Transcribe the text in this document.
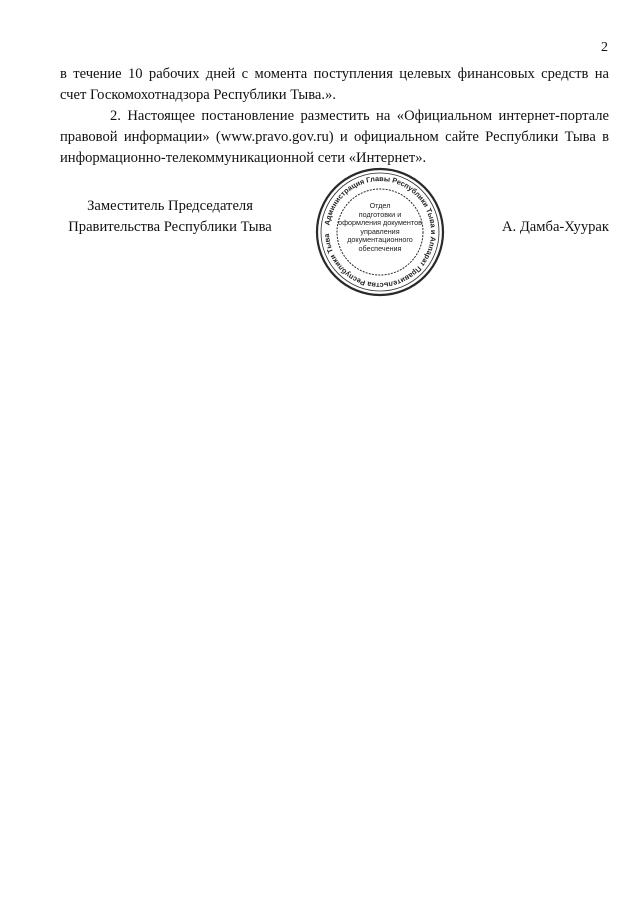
2

в течение 10 рабочих дней с момента поступления целевых финансовых средств на счет Госкомохотнадзора Республики Тыва.».

2. Настоящее постановление разместить на «Официальном интернет-портале правовой информации» (www.pravo.gov.ru) и официальном сайте Республики Тыва в информационно-телекоммуникационной сети «Интернет».

Заместитель Председателя
Правительства Республики Тыва	Администрация Главы Республики Тыва и Аппарат Правительства Республики Тыва
Отдел
подготовки и
оформления документов
управления
документационного
обеспечения
А. Дамба-Хуурак
